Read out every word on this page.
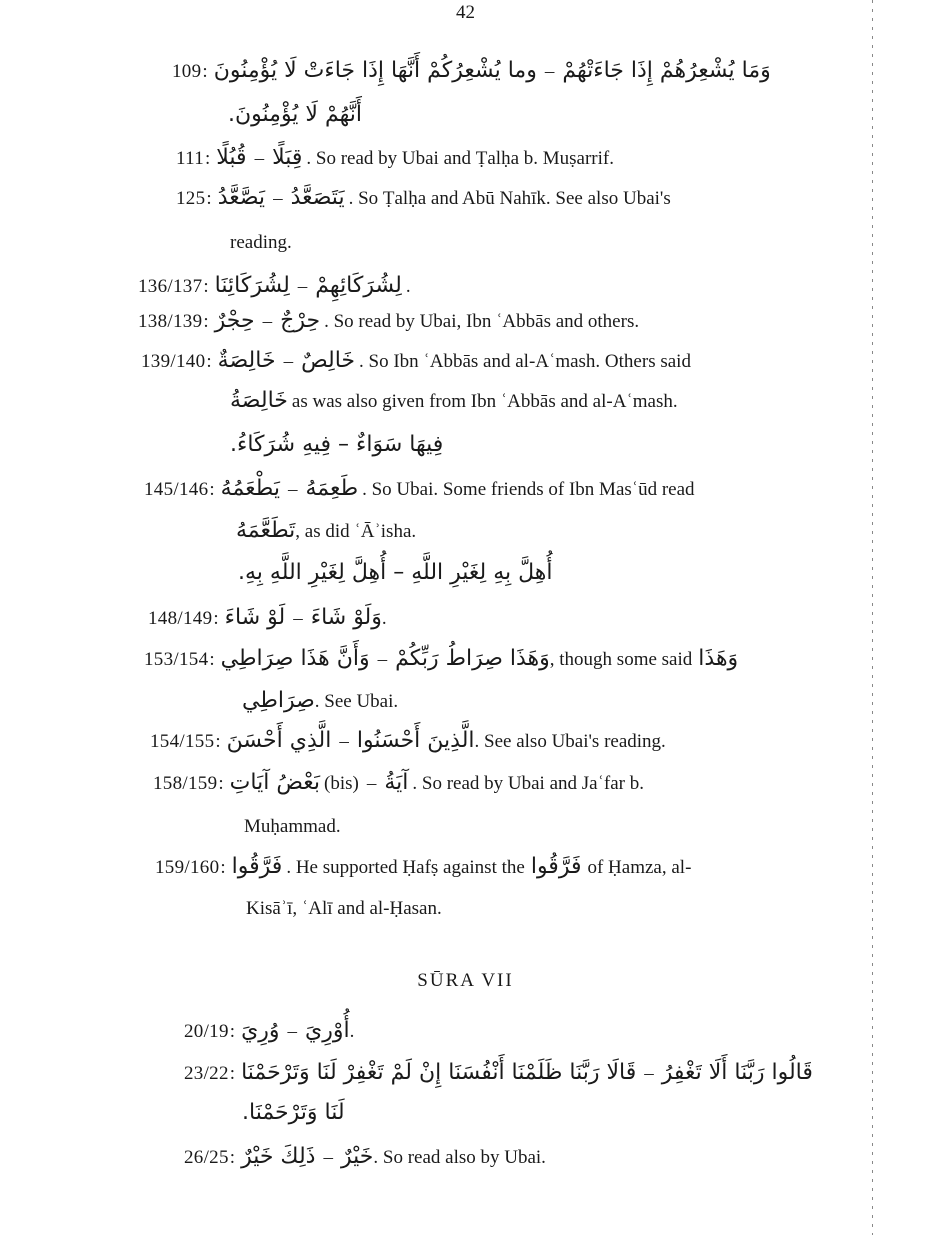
42
109 : وما يُشْعِرُكُمْ أَنَّهَا إِذَا جَاءَتْ لَا يُؤْمِنُونَ – وَمَا يُشْعِرُهُمْ إِذَا جَاءَتْهُمْ
أَنَّهُمْ لَا يُؤْمِنُونَ.
111 : قُبُلًا – قِبَلًا . So read by Ubai and Ṭalḥa b. Muṣarrif.
125 : يَصَّعَّدُ – يَتَصَعَّدُ . So Ṭalḥa and Abū Nahīk. See also Ubai's
reading.
136/137 : لِشُرَكَائِنَا – لِشُرَكَائِهِمْ .
138/139 : حِجْرٌ – حِرْجٌ . So read by Ubai, Ibn ʿAbbās and others.
139/140 : خَالِصَةٌ – خَالِصٌ . So Ibn ʿAbbās and al-Aʿmash. Others said
خَالِصَةُ as was also given from Ibn ʿAbbās and al-Aʿmash.
فِيهَا سَوَاءٌ – فِيهِ شُرَكَاءُ.
145/146 : يَطْعَمُهُ – طَعِمَهُ . So Ubai. Some friends of Ibn Masʿūd read
تَطَعَّمَهُ , as did ʿĀʾisha.
أُهِلَّ بِهِ لِغَيْرِ اللَّهِ – أُهِلَّ لِغَيْرِ اللَّهِ بِهِ.
148/149 : لَوْ شَاءَ – وَلَوْ شَاءَ .
153/154 : وَأَنَّ هَذَا صِرَاطِي – وَهَذَا صِرَاطُ رَبِّكُمْ , though some said وَهَذَا
صِرَاطِي . See Ubai.
154/155 : الَّذِي أَحْسَنَ – الَّذِينَ أَحْسَنُوا . See also Ubai's reading.
158/159 : بَعْضُ آيَاتِ (bis) – آيَةُ . So read by Ubai and Jaʿfar b.
Muḥammad.
159/160 : فَرَّقُوا . He supported Ḥafṣ against the فَرَّقُوا of Ḥamza, al-
Kisāʾī, ʿAlī and al-Ḥasan.
SŪRA VII
20/19 : وُرِيَ – أُوْرِيَ .
23/22 : قَالَا رَبَّنَا ظَلَمْنَا أَنْفُسَنَا إِنْ لَمْ تَغْفِرْ لَنَا وَتَرْحَمْنَا – قَالُوا رَبَّنَا أَلَا تَغْفِرُ
لَنَا وَتَرْحَمْنَا.
26/25 : ذَلِكَ خَيْرٌ – خَيْرٌ . So read also by Ubai.
